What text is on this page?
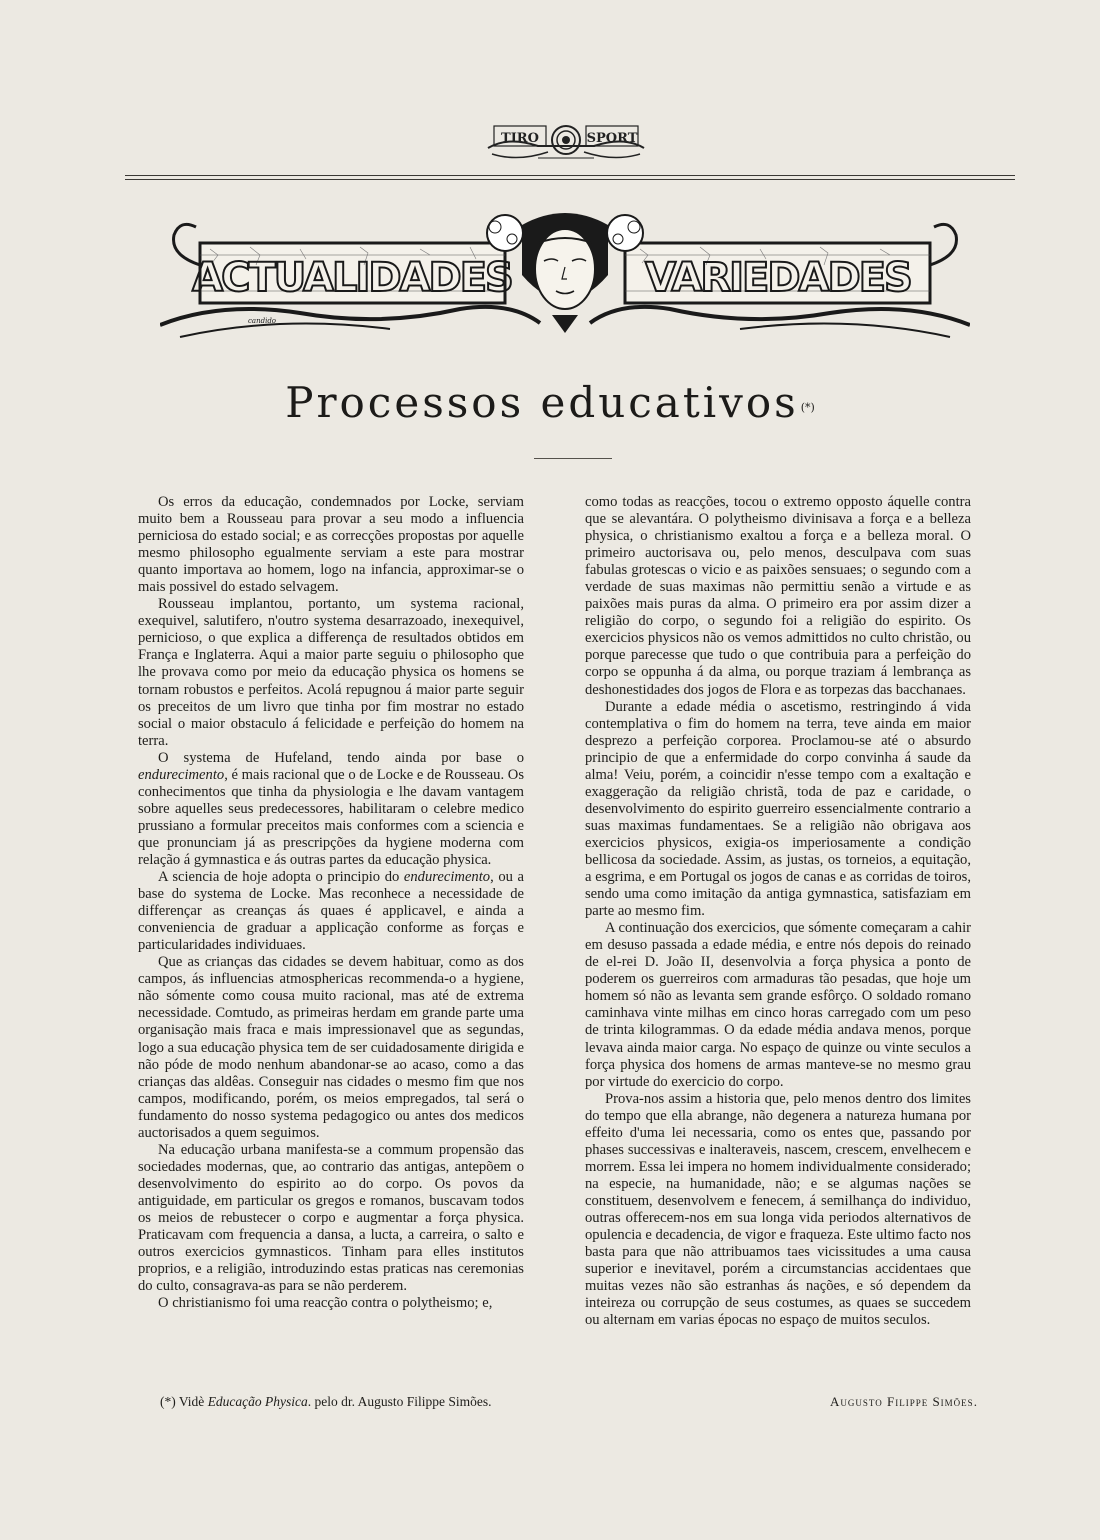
TIRO	SPORT
ACTUALIDADES	VARIEDADES
candido
Processos educativos (*)

Os erros da educação, condemnados por Locke, serviam muito bem a Rousseau para provar a seu modo a influencia perniciosa do estado social; e as correcções propostas por aquelle mesmo philosopho egualmente serviam a este para mostrar quanto importava ao homem, logo na infancia, approximar-se o mais possivel do estado selvagem.

Rousseau implantou, portanto, um systema racional, exequivel, salutifero, n'outro systema desarrazoado, inexequivel, pernicioso, o que explica a differença de resultados obtidos em França e Inglaterra. Aqui a maior parte seguiu o philosopho que lhe provava como por meio da educação physica os homens se tornam robustos e perfeitos. Acolá repugnou á maior parte seguir os preceitos de um livro que tinha por fim mostrar no estado social o maior obstaculo á felicidade e perfeição do homem na terra.

O systema de Hufeland, tendo ainda por base o endurecimento, é mais racional que o de Locke e de Rousseau. Os conhecimentos que tinha da physiologia e lhe davam vantagem sobre aquelles seus predecessores, habilitaram o celebre medico prussiano a formular preceitos mais conformes com a sciencia e que pronunciam já as prescripções da hygiene moderna com relação á gymnastica e ás outras partes da educação physica.

A sciencia de hoje adopta o principio do endurecimento, ou a base do systema de Locke. Mas reconhece a necessidade de differençar as creanças ás quaes é applicavel, e ainda a conveniencia de graduar a applicação conforme as forças e particularidades individuaes.

Que as crianças das cidades se devem habituar, como as dos campos, ás influencias atmosphericas recommenda-o a hygiene, não sómente como cousa muito racional, mas até de extrema necessidade. Comtudo, as primeiras herdam em grande parte uma organisação mais fraca e mais impressionavel que as segundas, logo a sua educação physica tem de ser cuidadosamente dirigida e não póde de modo nenhum abandonar-se ao acaso, como a das crianças das aldêas. Conseguir nas cidades o mesmo fim que nos campos, modificando, porém, os meios empregados, tal será o fundamento do nosso systema pedagogico ou antes dos medicos auctorisados a quem seguimos.

Na educação urbana manifesta-se a commum propensão das sociedades modernas, que, ao contrario das antigas, antepõem o desenvolvimento do espirito ao do corpo. Os povos da antiguidade, em particular os gregos e romanos, buscavam todos os meios de rebustecer o corpo e augmentar a força physica. Praticavam com frequencia a dansa, a lucta, a carreira, o salto e outros exercicios gymnasticos. Tinham para elles institutos proprios, e a religião, introduzindo estas praticas nas ceremonias do culto, consagrava-as para se não perderem.

O christianismo foi uma reacção contra o polytheismo; e,

como todas as reacções, tocou o extremo opposto áquelle contra que se alevantára. O polytheismo divinisava a força e a belleza physica, o christianismo exaltou a força e a belleza moral. O primeiro auctorisava ou, pelo menos, desculpava com suas fabulas grotescas o vicio e as paixões sensuaes; o segundo com a verdade de suas maximas não permittiu senão a virtude e as paixões mais puras da alma. O primeiro era por assim dizer a religião do corpo, o segundo foi a religião do espirito. Os exercicios physicos não os vemos admittidos no culto christão, ou porque parecesse que tudo o que contribuia para a perfeição do corpo se oppunha á da alma, ou porque traziam á lembrança as deshonestidades dos jogos de Flora e as torpezas das bacchanaes.

Durante a edade média o ascetismo, restringindo á vida contemplativa o fim do homem na terra, teve ainda em maior desprezo a perfeição corporea. Proclamou-se até o absurdo principio de que a enfermidade do corpo convinha á saude da alma! Veiu, porém, a coincidir n'esse tempo com a exaltação e exaggeração da religião christã, toda de paz e caridade, o desenvolvimento do espirito guerreiro essencialmente contrario a suas maximas fundamentaes. Se a religião não obrigava aos exercicios physicos, exigia-os imperiosamente a condição bellicosa da sociedade. Assim, as justas, os torneios, a equitação, a esgrima, e em Portugal os jogos de canas e as corridas de toiros, sendo uma como imitação da antiga gymnastica, satisfaziam em parte ao mesmo fim.

A continuação dos exercicios, que sómente começaram a cahir em desuso passada a edade média, e entre nós depois do reinado de el-rei D. João II, desenvolvia a força physica a ponto de poderem os guerreiros com armaduras tão pesadas, que hoje um homem só não as levanta sem grande esfôrço. O soldado romano caminhava vinte milhas em cinco horas carregado com um peso de trinta kilogrammas. O da edade média andava menos, porque levava ainda maior carga. No espaço de quinze ou vinte seculos a força physica dos homens de armas manteve-se no mesmo grau por virtude do exercicio do corpo.

Prova-nos assim a historia que, pelo menos dentro dos limites do tempo que ella abrange, não degenera a natureza humana por effeito d'uma lei necessaria, como os entes que, passando por phases successivas e inalteraveis, nascem, crescem, envelhecem e morrem. Essa lei impera no homem individualmente considerado; na especie, na humanidade, não; e se algumas nações se constituem, desenvolvem e fenecem, á semilhança do individuo, outras offerecem-nos em sua longa vida periodos alternativos de opulencia e decadencia, de vigor e fraqueza. Este ultimo facto nos basta para que não attribuamos taes vicissitudes a uma causa superior e inevitavel, porém a circumstancias accidentaes que muitas vezes não são estranhas ás nações, e só dependem da inteireza ou corrupção de seus costumes, as quaes se succedem ou alternam em varias épocas no espaço de muitos seculos.

(*) Vidè Educação Physica. pelo dr. Augusto Filippe Simões.	Augusto Filippe Simões.
